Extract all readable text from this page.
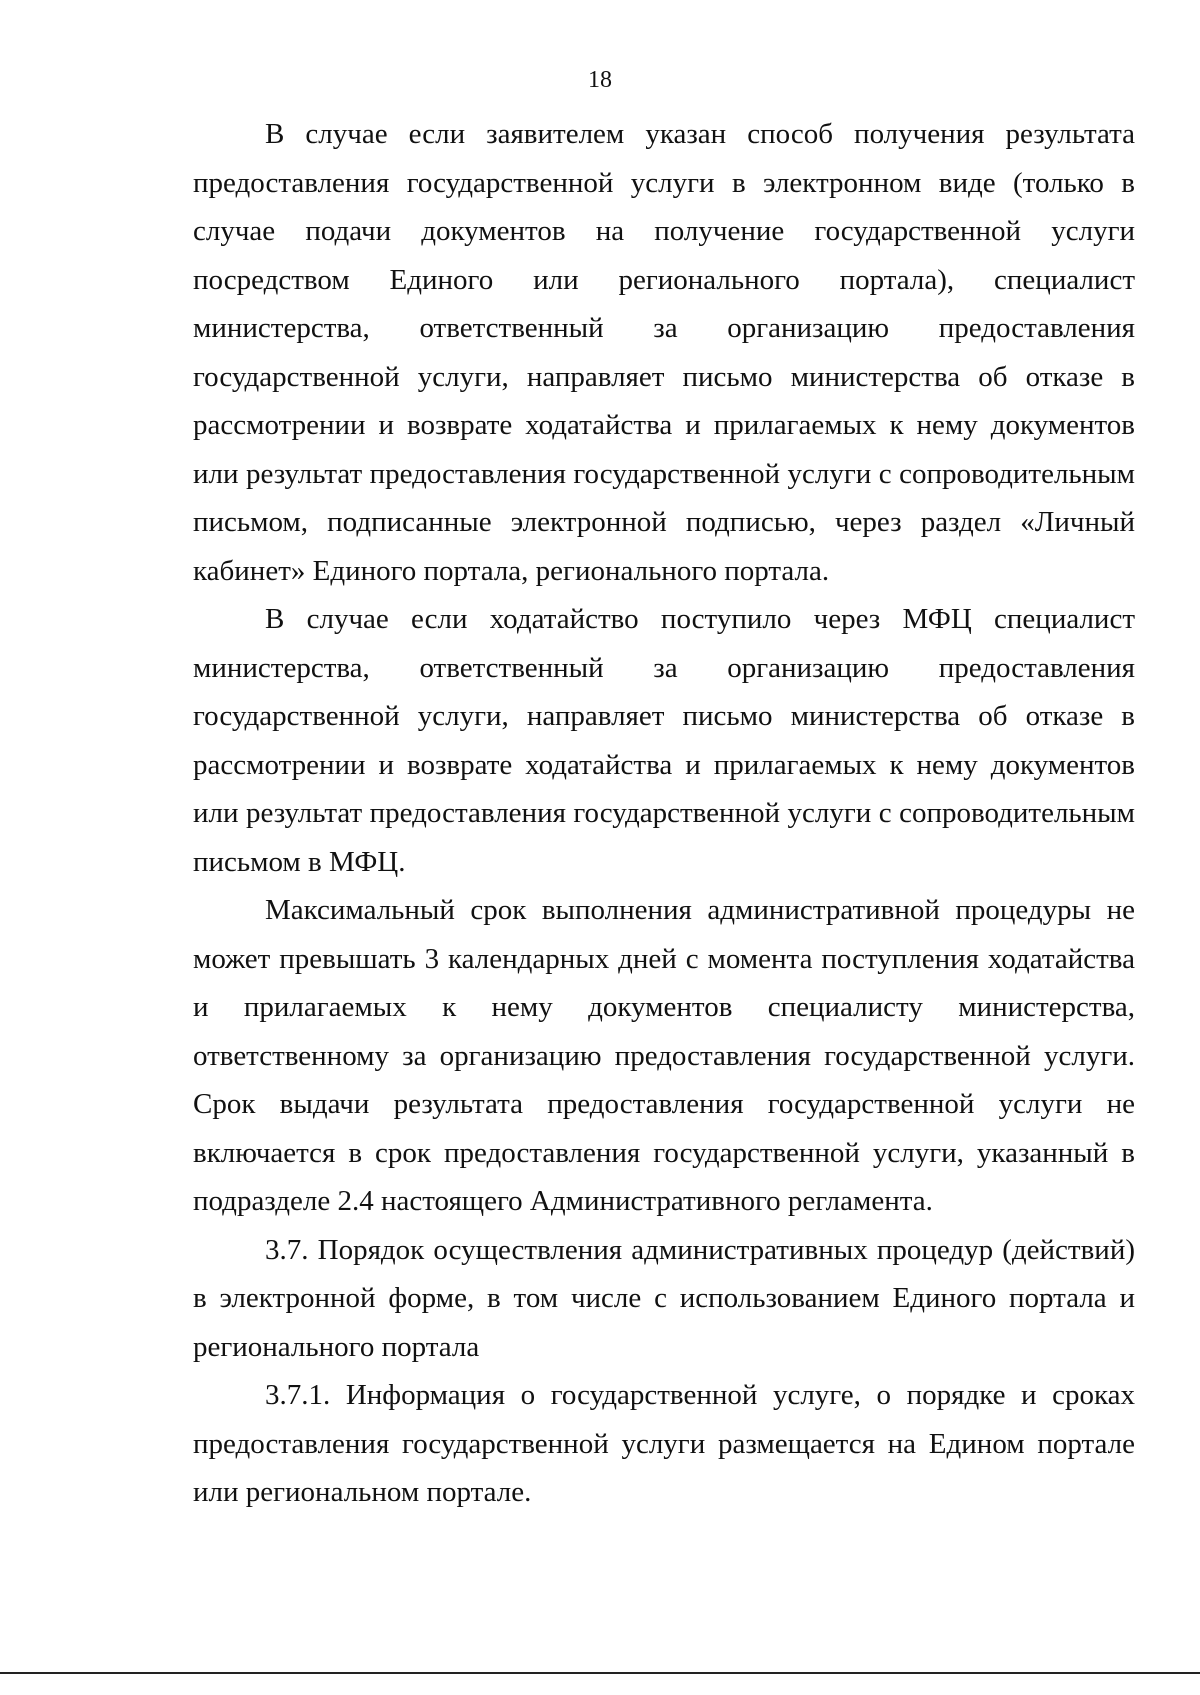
18

В случае если заявителем указан способ получения результата предоставления государственной услуги в электронном виде (только в случае подачи документов на получение государственной услуги посредством Единого или регионального портала), специалист министерства, ответственный за организацию предоставления государственной услуги, направляет письмо министерства об отказе в рассмотрении и возврате ходатайства и прилагаемых к нему документов или результат предоставления государственной услуги с сопроводительным письмом, подписанные электронной подписью, через раздел «Личный кабинет» Единого портала, регионального портала.

В случае если ходатайство поступило через МФЦ специалист министерства, ответственный за организацию предоставления государственной услуги, направляет письмо министерства об отказе в рассмотрении и возврате ходатайства и прилагаемых к нему документов или результат предоставления государственной услуги с сопроводительным письмом в МФЦ.

Максимальный срок выполнения административной процедуры не может превышать 3 календарных дней с момента поступления ходатайства и прилагаемых к нему документов специалисту министерства, ответственному за организацию предоставления государственной услуги. Срок выдачи результата предоставления государственной услуги не включается в срок предоставления государственной услуги, указанный в подразделе 2.4 настоящего Административного регламента.

3.7. Порядок осуществления административных процедур (действий) в электронной форме, в том числе с использованием Единого портала и регионального портала

3.7.1. Информация о государственной услуге, о порядке и сроках предоставления государственной услуги размещается на Едином портале или региональном портале.
